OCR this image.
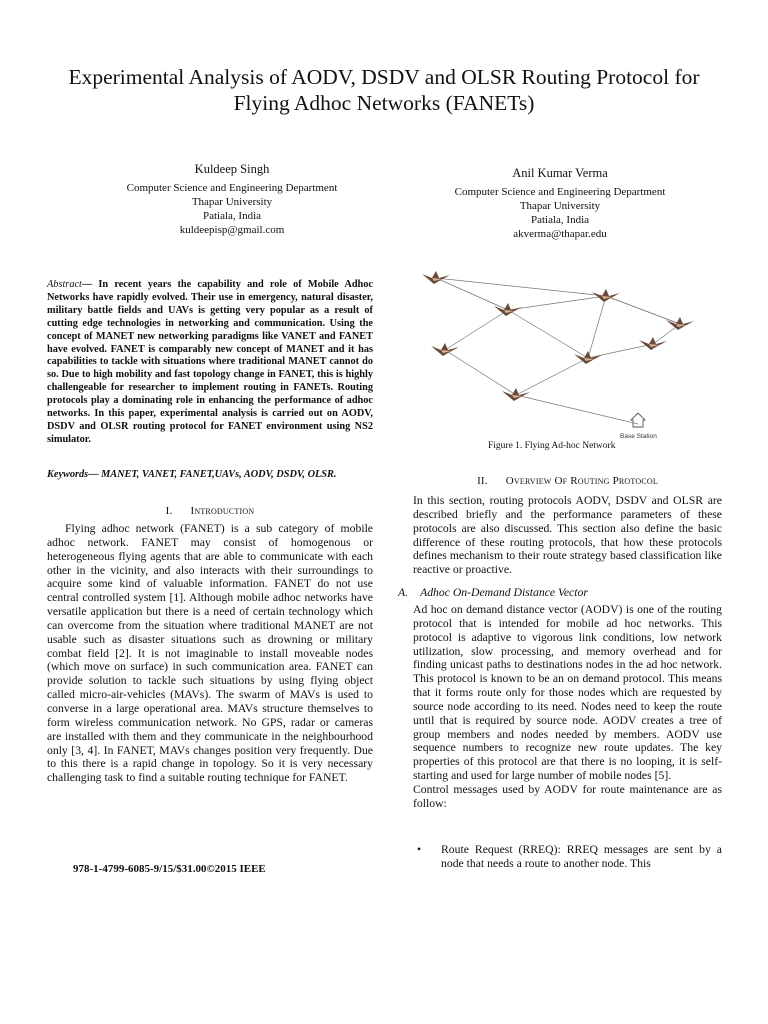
Experimental Analysis of AODV, DSDV and OLSR Routing Protocol for Flying Adhoc Networks (FANETs)
Kuldeep Singh
Computer Science and Engineering Department
Thapar University
Patiala, India
kuldeepisp@gmail.com
Anil Kumar Verma
Computer Science and Engineering Department
Thapar University
Patiala, India
akverma@thapar.edu
Abstract— In recent years the capability and role of Mobile Adhoc Networks have rapidly evolved. Their use in emergency, natural disaster, military battle fields and UAVs is getting very popular as a result of cutting edge technologies in networking and communication. Using the concept of MANET new networking paradigms like VANET and FANET have evolved. FANET is comparably new concept of MANET and it has capabilities to tackle with situations where traditional MANET cannot do so. Due to high mobility and fast topology change in FANET, this is highly challengeable for researcher to implement routing in FANETs. Routing protocols play a dominating role in enhancing the performance of adhoc networks. In this paper, experimental analysis is carried out on AODV, DSDV and OLSR routing protocol for FANET environment using NS2 simulator.
Keywords— MANET, VANET, FANET,UAVs, AODV, DSDV, OLSR.
I. Introduction

Flying adhoc network (FANET) is a sub category of mobile adhoc network. FANET may consist of homogenous or heterogeneous flying agents that are able to communicate with each other in the vicinity, and also interacts with their surroundings to acquire some kind of valuable information. FANET do not use central controlled system [1]. Although mobile adhoc networks have versatile application but there is a need of certain technology which can overcome from the situation where traditional MANET are not usable such as disaster situations such as drowning or military combat field [2]. It is not imaginable to install moveable nodes (which move on surface) in such communication area. FANET can provide solution to tackle such situations by using flying object called micro-air-vehicles (MAVs). The swarm of MAVs is used to converse in a large operational area. MAVs structure themselves to form wireless communication network. No GPS, radar or cameras are installed with them and they communicate in the neighbourhood only [3, 4]. In FANET, MAVs changes position very frequently. Due to this there is a rapid change in topology. So it is very necessary challenging task to find a suitable routing technique for FANET.

978-1-4799-6085-9/15/$31.00©2015 IEEE
Base Station
Figure 1. Flying Ad-hoc Network
II. Overview Of Routing Protocol

In this section, routing protocols AODV, DSDV and OLSR are described briefly and the performance parameters of these protocols are also discussed. This section also define the basic difference of these routing protocols, that how these protocols defines mechanism to their route strategy based classification like reactive or proactive.

A. Adhoc On-Demand Distance Vector

Ad hoc on demand distance vector (AODV) is one of the routing protocol that is intended for mobile ad hoc networks. This protocol is adaptive to vigorous link conditions, low network utilization, slow processing, and memory overhead and for finding unicast paths to destinations nodes in the ad hoc network. This protocol is known to be an on demand protocol. This means that it forms route only for those nodes which are requested by source node according to its need. Nodes need to keep the route until that is required by source node. AODV creates a tree of group members and nodes needed by members. AODV use sequence numbers to recognize new route updates. The key properties of this protocol are that there is no looping, it is self-starting and used for large number of mobile nodes [5].

Control messages used by AODV for route maintenance are as follow:

• Route Request (RREQ): RREQ messages are sent by a node that needs a route to another node. This
